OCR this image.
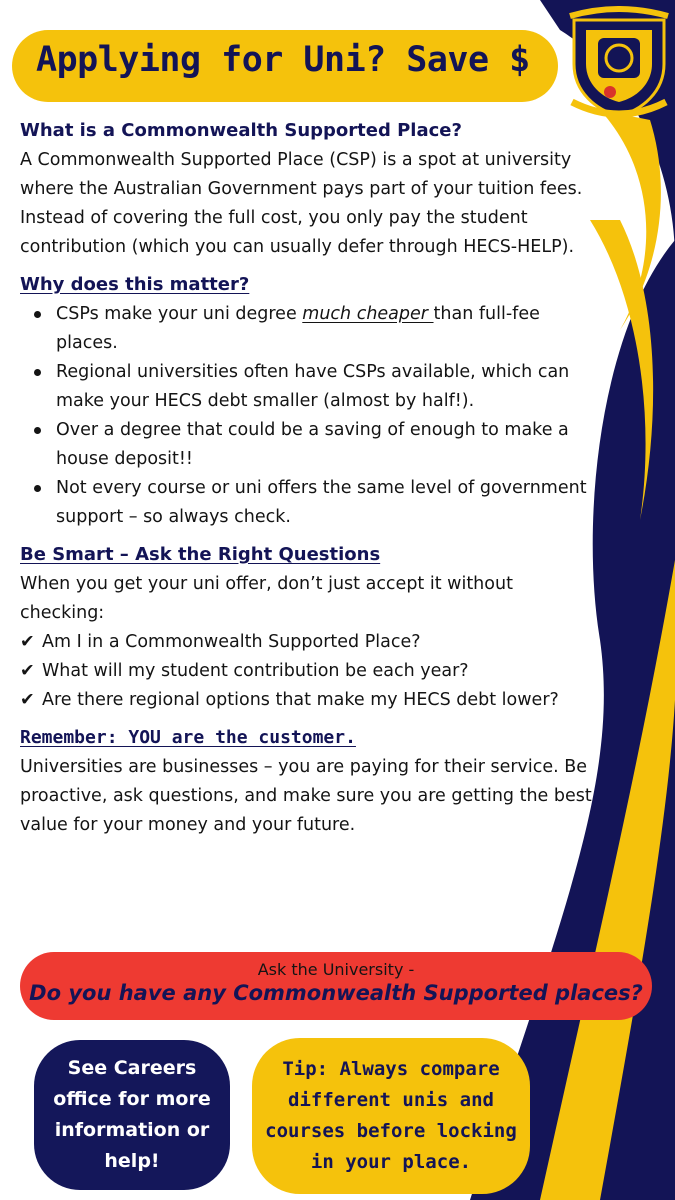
Applying for Uni? Save $
What is a Commonwealth Supported Place?

A Commonwealth Supported Place (CSP) is a spot at university

where the Australian Government pays part of your tuition fees. Instead of covering the full cost, you only pay the student contribution (which you can usually defer through HECS-HELP).

Why does this matter?
CSPs make your uni degree much cheaper than full-fee places.
Regional universities often have CSPs available, which can make your HECS debt smaller (almost by half!).
Over a degree that could be a saving of enough to make a house deposit!!
Not every course or uni offers the same level of government support – so always check.
Be Smart – Ask the Right Questions

When you get your uni offer, don’t just accept it without checking:

✔ Am I in a Commonwealth Supported Place?

✔ What will my student contribution be each year?

✔ Are there regional options that make my HECS debt lower?

Remember: YOU are the customer.

Universities are businesses – you are paying for their service. Be proactive, ask questions, and make sure you are getting the best value for your money and your future.

Ask the University -
Do you have any Commonwealth Supported places?
See Careers office for more information or help!
Tip: Always compare different unis and courses before locking in your place.
